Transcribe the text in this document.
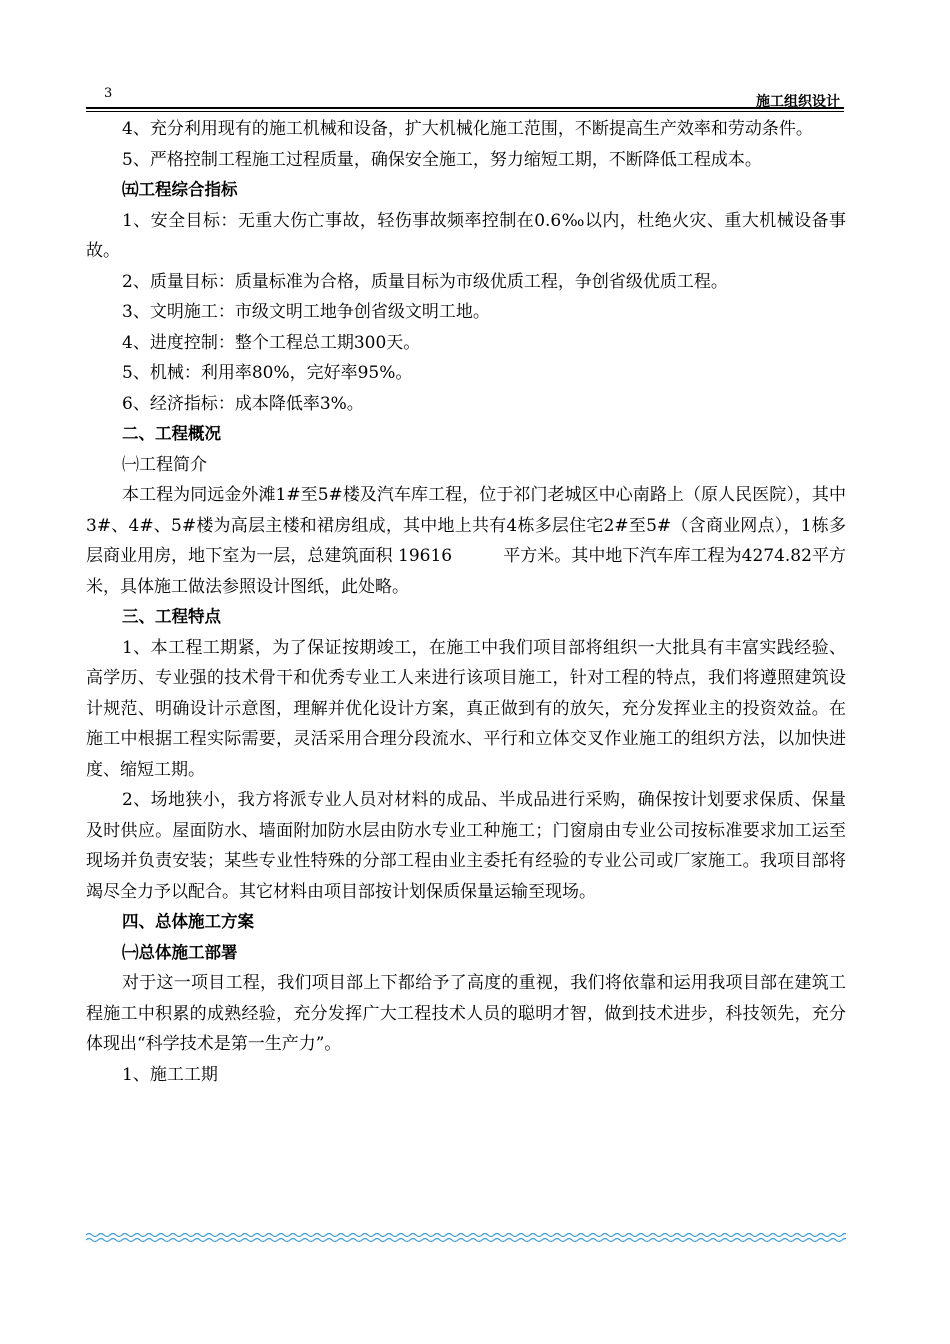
3
施工组织设计

4、充分利用现有的施工机械和设备，扩大机械化施工范围，不断提高生产效率和劳动条件。

5、严格控制工程施工过程质量，确保安全施工，努力缩短工期，不断降低工程成本。

㈤工程综合指标

1、安全目标：无重大伤亡事故，轻伤事故频率控制在0.6‰以内，杜绝火灾、重大机械设备事故。

2、质量目标：质量标准为合格，质量目标为市级优质工程，争创省级优质工程。

3、文明施工：市级文明工地争创省级文明工地。

4、进度控制：整个工程总工期300天。

5、机械：利用率80%，完好率95%。

6、经济指标：成本降低率3%。

二、工程概况

㈠工程简介

本工程为同远金外滩1#至5#楼及汽车库工程，位于祁门老城区中心南路上（原人民医院），其中3#、4#、5#楼为高层主楼和裙房组成，其中地上共有4栋多层住宅2#至5#（含商业网点），1栋多层商业用房，地下室为一层，总建筑面积 19616　　　平方米。其中地下汽车库工程为4274.82平方米，具体施工做法参照设计图纸，此处略。

三、工程特点

1、本工程工期紧，为了保证按期竣工，在施工中我们项目部将组织一大批具有丰富实践经验、高学历、专业强的技术骨干和优秀专业工人来进行该项目施工，针对工程的特点，我们将遵照建筑设计规范、明确设计示意图，理解并优化设计方案，真正做到有的放矢，充分发挥业主的投资效益。在施工中根据工程实际需要，灵活采用合理分段流水、平行和立体交叉作业施工的组织方法，以加快进度、缩短工期。

2、场地狭小，我方将派专业人员对材料的成品、半成品进行采购，确保按计划要求保质、保量及时供应。屋面防水、墙面附加防水层由防水专业工种施工；门窗扇由专业公司按标准要求加工运至现场并负责安装；某些专业性特殊的分部工程由业主委托有经验的专业公司或厂家施工。我项目部将竭尽全力予以配合。其它材料由项目部按计划保质保量运输至现场。

四、总体施工方案

㈠总体施工部署

对于这一项目工程，我们项目部上下都给予了高度的重视，我们将依靠和运用我项目部在建筑工程施工中积累的成熟经验，充分发挥广大工程技术人员的聪明才智，做到技术进步，科技领先，充分体现出“科学技术是第一生产力”。

1、施工工期
